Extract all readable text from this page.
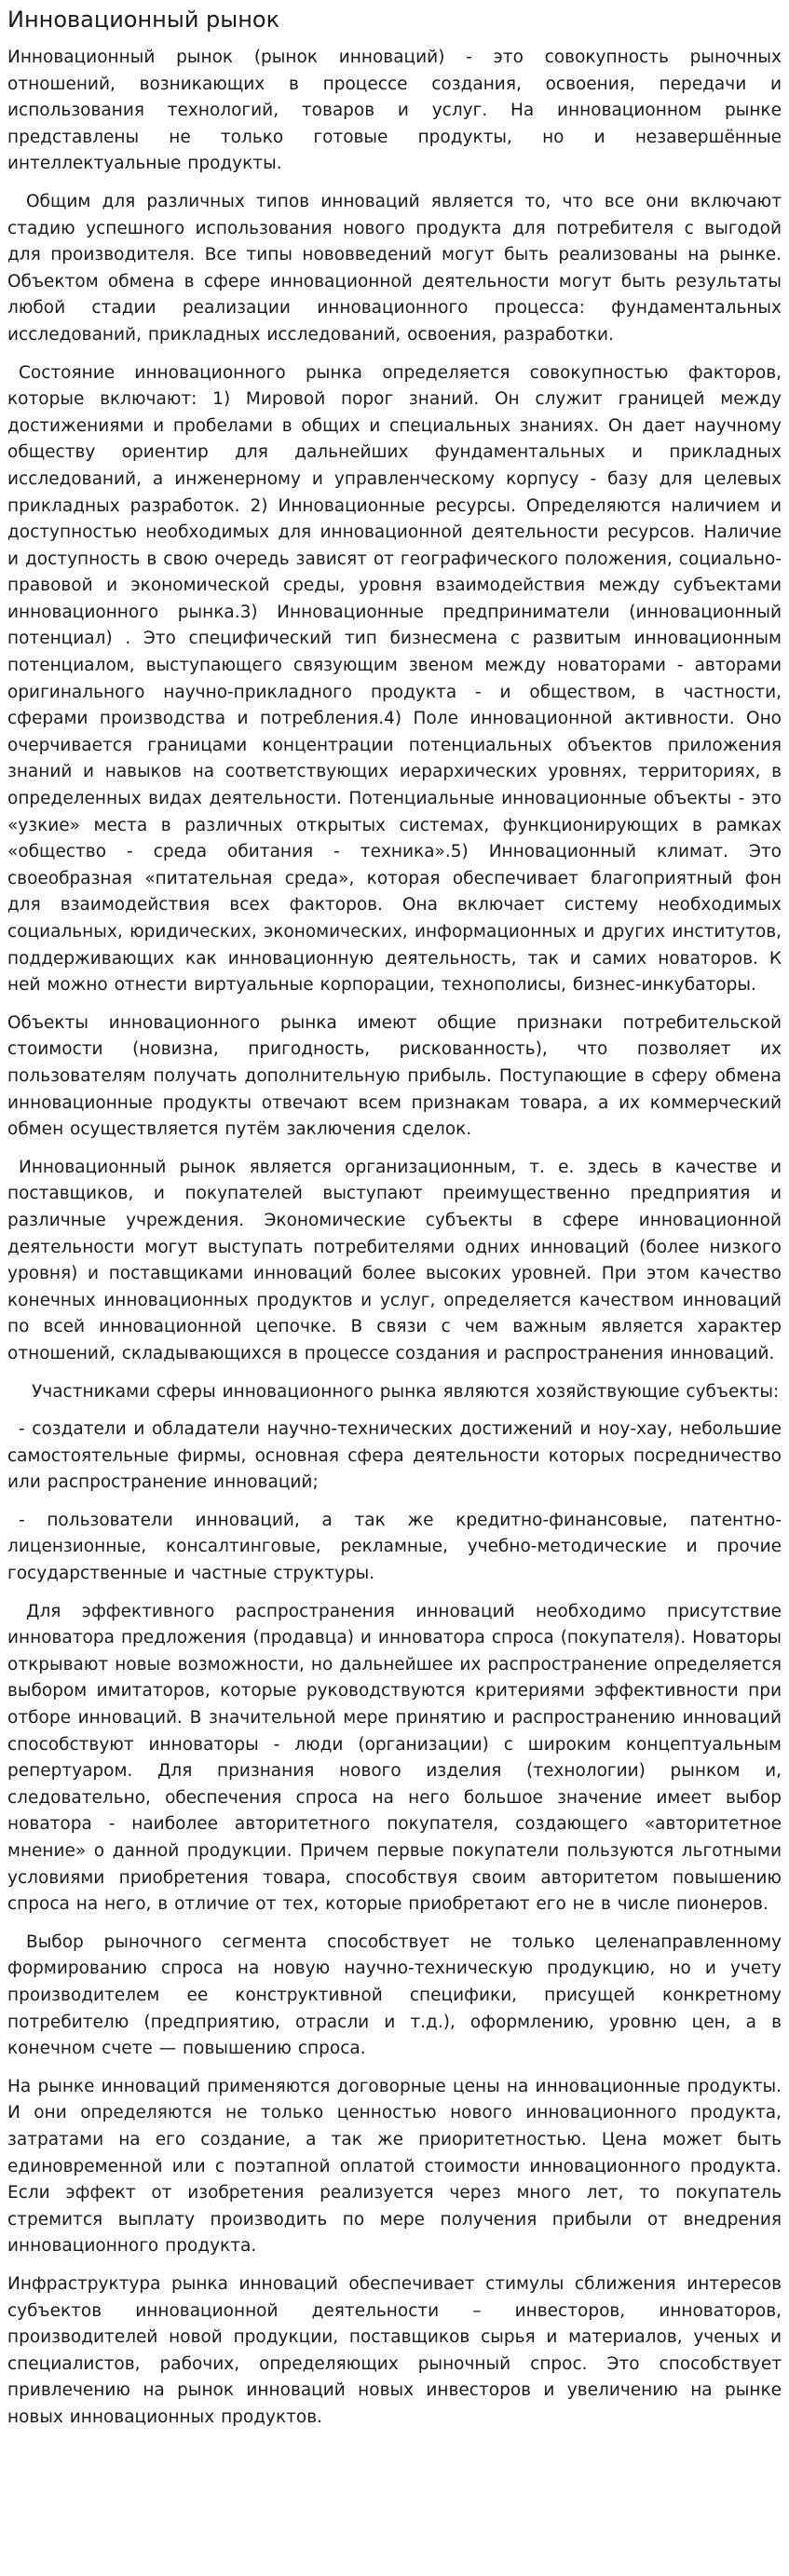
Инновационный рынок

Инновационный рынок (рынок инноваций) - это совокупность рыночных отношений, возникающих в процессе создания, освоения, передачи и использования технологий, товаров и услуг. На инновационном рынке представлены не только готовые продукты, но и незавершённые интеллектуальные продукты.

Общим для различных типов инноваций является то, что все они включают стадию успешного использования нового продукта для потребителя с выгодой для производителя. Все типы нововведений могут быть реализованы на рынке. Объектом обмена в сфере инновационной деятельности могут быть результаты любой стадии реализации инновационного процесса: фундаментальных исследований, прикладных исследований, освоения, разработки.

Состояние инновационного рынка определяется совокупностью факторов, которые включают: 1) Мировой порог знаний. Он служит границей между достижениями и пробелами в общих и специальных знаниях. Он дает научному обществу ориентир для дальнейших фундаментальных и прикладных исследований, а инженерному и управленческому корпусу - базу для целевых прикладных разработок. 2) Инновационные ресурсы. Определяются наличием и доступностью необходимых для инновационной деятельности ресурсов. Наличие и доступность в свою очередь зависят от географического положения, социально- правовой и экономической среды, уровня взаимодействия между субъектами инновационного рынка.3) Инновационные предприниматели (инновационный потенциал) . Это специфический тип бизнесмена с развитым инновационным потенциалом, выступающего связующим звеном между новаторами - авторами оригинального научно-прикладного продукта - и обществом, в частности, сферами производства и потребления.4) Поле инновационной активности. Оно очерчивается границами концентрации потенциальных объектов приложения знаний и навыков на соответствующих иерархических уровнях, территориях, в определенных видах деятельности. Потенциальные инновационные объекты - это «узкие» места в различных открытых системах, функционирующих в рамках «общество - среда обитания - техника».5) Инновационный климат. Это своеобразная «питательная среда», которая обеспечивает благоприятный фон для взаимодействия всех факторов. Она включает систему необходимых социальных, юридических, экономических, информационных и других институтов, поддерживающих как инновационную деятельность, так и самих новаторов. К ней можно отнести виртуальные корпорации, технополисы, бизнес-инкубаторы.

Объекты инновационного рынка имеют общие признаки потребительской стоимости (новизна, пригодность, рискованность), что позволяет их пользователям получать дополнительную прибыль. Поступающие в сферу обмена инновационные продукты отвечают всем признакам товара, а их коммерческий обмен осуществляется путём заключения сделок.

Инновационный рынок является организационным, т. е. здесь в качестве и поставщиков, и покупателей выступают преимущественно предприятия и различные учреждения. Экономические субъекты в сфере инновационной деятельности могут выступать потребителями одних инноваций (более низкого уровня) и поставщиками инноваций более высоких уровней. При этом качество конечных инновационных продуктов и услуг, определяется качеством инноваций по всей инновационной цепочке. В связи с чем важным является характер отношений, складывающихся в процессе создания и распространения инноваций.

Участниками сферы инновационного рынка являются хозяйствующие субъекты:

- создатели и обладатели научно-технических достижений и ноу-хау, небольшие самостоятельные фирмы, основная сфера деятельности которых посредничество или распространение инноваций;

- пользователи инноваций, а так же кредитно-финансовые, патентно-лицензионные, консалтинговые, рекламные, учебно-методические и прочие государственные и частные структуры.

Для эффективного распространения инноваций необходимо присутствие инноватора предложения (продавца) и инноватора спроса (покупателя). Новаторы открывают новые возможности, но дальнейшее их распространение определяется выбором имитаторов, которые руководствуются критериями эффективности при отборе инноваций. В значительной мере принятию и распространению инноваций способствуют инноваторы - люди (организации) с широким концептуальным репертуаром. Для признания нового изделия (технологии) рынком и, следовательно, обеспечения спроса на него большое значение имеет выбор новатора - наиболее авторитетного покупателя, создающего «авторитетное мнение» о данной продукции. Причем первые покупатели пользуются льготными условиями приобретения товара, способствуя своим авторитетом повышению спроса на него, в отличие от тех, которые приобретают его не в числе пионеров.

Выбор рыночного сегмента способствует не только целенаправленному формированию спроса на новую научно-техническую продукцию, но и учету производителем ее конструктивной специфики, присущей конкретному потребителю (предприятию, отрасли и т.д.), оформлению, уровню цен, а в конечном счете — повышению спроса.

На рынке инноваций применяются договорные цены на инновационные продукты. И они определяются не только ценностью нового инновационного продукта, затратами на его создание, а так же приоритетностью. Цена может быть единовременной или с поэтапной оплатой стоимости инновационного продукта. Если эффект от изобретения реализуется через много лет, то покупатель стремится выплату производить по мере получения прибыли от внедрения инновационного продукта.

Инфраструктура рынка инноваций обеспечивает стимулы сближения интересов субъектов инновационной деятельности – инвесторов, инноваторов, производителей новой продукции, поставщиков сырья и материалов, ученых и специалистов, рабочих, определяющих рыночный спрос. Это способствует привлечению на рынок инноваций новых инвесторов и увеличению на рынке новых инновационных продуктов.
